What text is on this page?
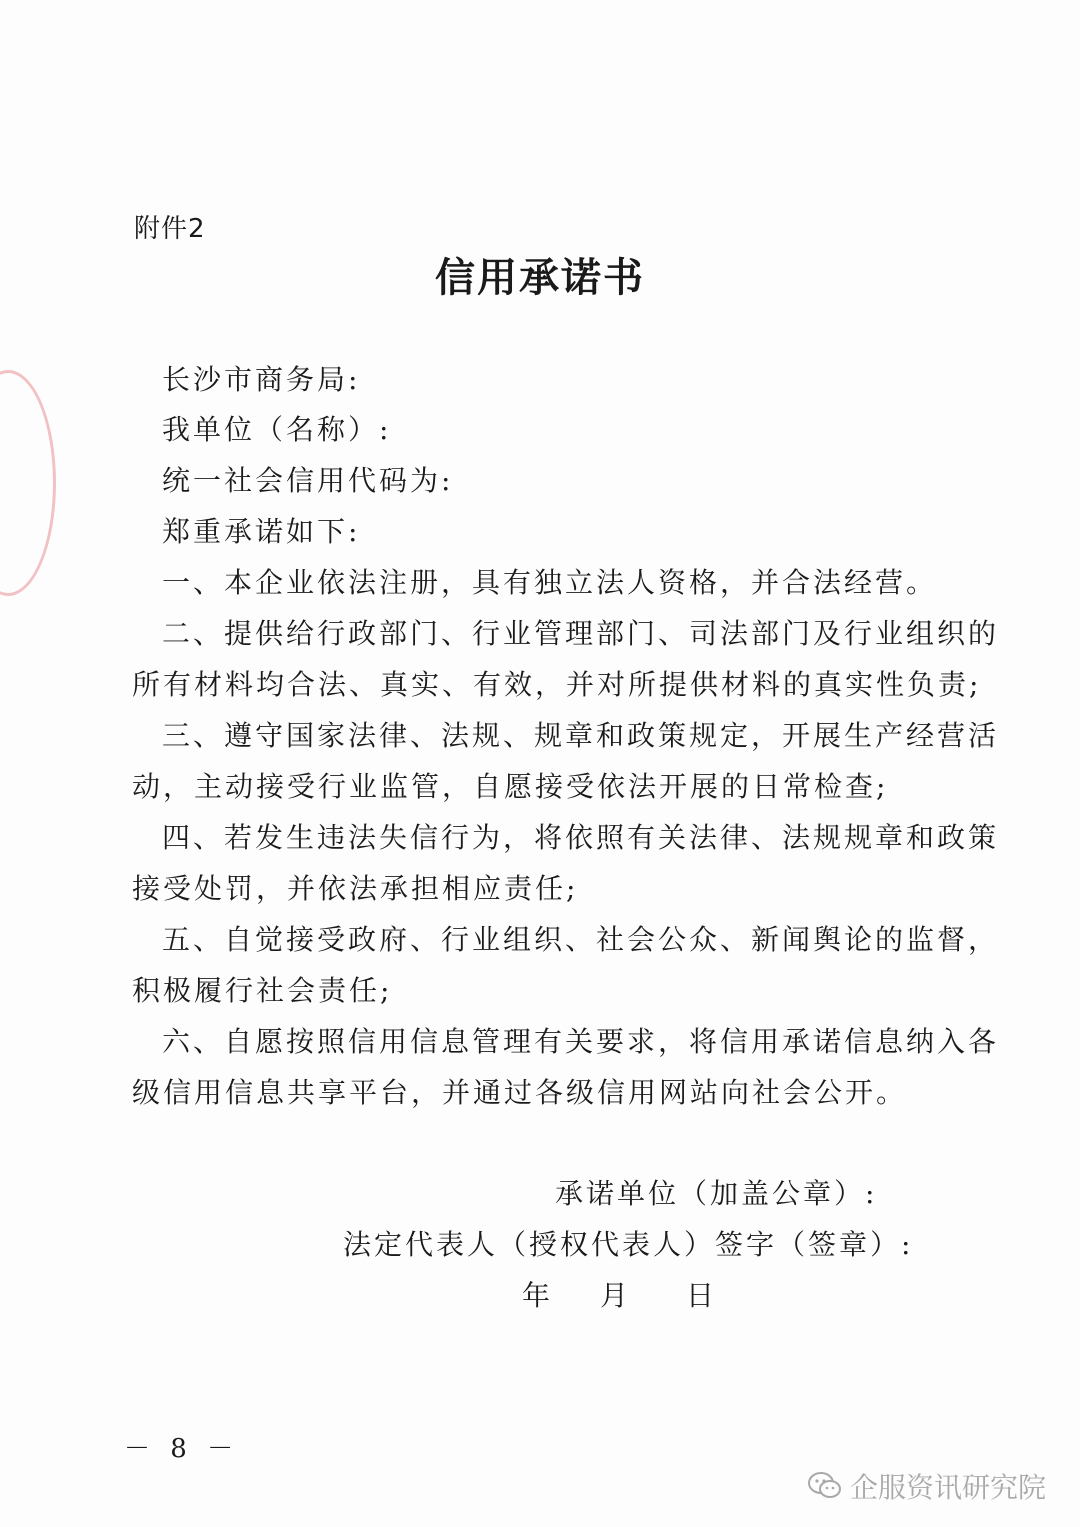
附件2
信用承诺书
长沙市商务局:
我单位（名称）:
统一社会信用代码为:
郑重承诺如下:
一、本企业依法注册，具有独立法人资格，并合法经营。
二、提供给行政部门、行业管理部门、司法部门及行业组织的
所有材料均合法、真实、有效，并对所提供材料的真实性负责;
三、遵守国家法律、法规、规章和政策规定，开展生产经营活
动，主动接受行业监管，自愿接受依法开展的日常检查;
四、若发生违法失信行为，将依照有关法律、法规规章和政策
接受处罚，并依法承担相应责任;
五、自觉接受政府、行业组织、社会公众、新闻舆论的监督，
积极履行社会责任;
六、自愿按照信用信息管理有关要求，将信用承诺信息纳入各
级信用信息共享平台，并通过各级信用网站向社会公开。
承诺单位（加盖公章）:
法定代表人（授权代表人）签字（签章）:
年 月 日
－ 8 －
企服资讯研究院
